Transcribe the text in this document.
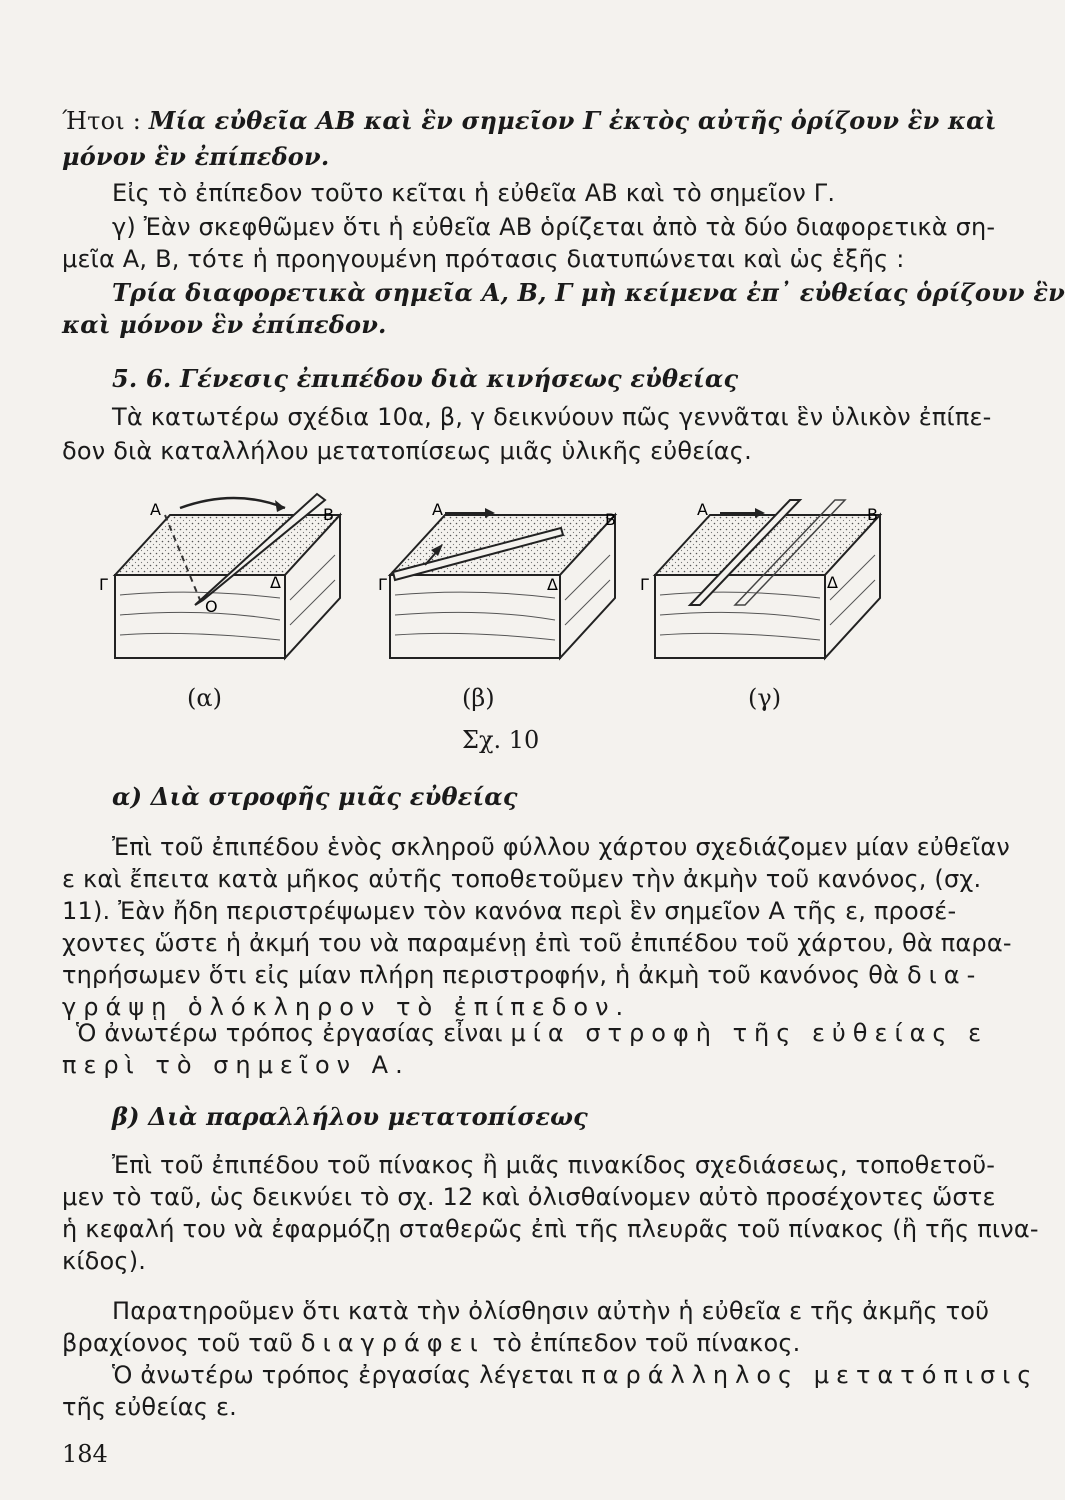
Ήτοι : Μία εὐθεῖα ΑΒ καὶ ἓν σημεῖον Γ ἐκτὸς αὐτῆς ὁρίζουν ἓν καὶ
μόνον ἓν ἐπίπεδον.
Εἰς τὸ ἐπίπεδον τοῦτο κεῖται ἡ εὐθεῖα ΑΒ καὶ τὸ σημεῖον Γ.
γ) Ἐὰν σκεφθῶμεν ὅτι ἡ εὐθεῖα ΑΒ ὁρίζεται ἀπὸ τὰ δύο διαφορετικὰ ση-
μεῖα Α, Β, τότε ἡ προηγουμένη πρότασις διατυπώνεται καὶ ὡς ἑξῆς :
Τρία διαφορετικὰ σημεῖα Α, Β, Γ μὴ κείμενα ἐπ᾽ εὐθείας ὁρίζουν ἓν
καὶ μόνον ἓν ἐπίπεδον.
5. 6. Γένεσις ἐπιπέδου διὰ κινήσεως εὐθείας
Τὰ κατωτέρω σχέδια 10α, β, γ δεικνύουν πῶς γεννᾶται ἓν ὑλικὸν ἐπίπε-
δον διὰ καταλλήλου μετατοπίσεως μιᾶς ὑλικῆς εὐθείας.
Α	Β
Γ	Δ
Ο
Α
Β
Γ	Δ
Α	Β
Γ	Δ
(α)	(β)	(γ)
Σχ. 10
α) Διὰ στροφῆς μιᾶς εὐθείας
Ἐπὶ τοῦ ἐπιπέδου ἑνὸς σκληροῦ φύλλου χάρτου σχεδιάζομεν μίαν εὐθεῖαν
ε καὶ ἔπειτα κατὰ μῆκος αὐτῆς τοποθετοῦμεν τὴν ἀκμὴν τοῦ κανόνος, (σχ.
11). Ἐὰν ἤδη περιστρέψωμεν τὸν κανόνα περὶ ἓν σημεῖον Α τῆς ε, προσέ-
χοντες ὥστε ἡ ἀκμή του νὰ παραμένῃ ἐπὶ τοῦ ἐπιπέδου τοῦ χάρτου, θὰ παρα-
τηρήσωμεν ὅτι εἰς μίαν πλήρη περιστροφήν, ἡ ἀκμὴ τοῦ κανόνος θὰ δια-
γράψῃ ὁλόκληρον τὸ ἐπίπεδον.
Ὁ ἀνωτέρω τρόπος ἐργασίας εἶναι μία στροφὴ τῆς εὐθείας ε
περὶ τὸ σημεῖον Α.
β) Διὰ παραλλήλου μετατοπίσεως
Ἐπὶ τοῦ ἐπιπέδου τοῦ πίνακος ἢ μιᾶς πινακίδος σχεδιάσεως, τοποθετοῦ-
μεν τὸ ταῦ, ὡς δεικνύει τὸ σχ. 12 καὶ ὀλισθαίνομεν αὐτὸ προσέχοντες ὥστε
ἡ κεφαλή του νὰ ἐφαρμόζῃ σταθερῶς ἐπὶ τῆς πλευρᾶς τοῦ πίνακος (ἢ τῆς πινα-
κίδος).
Παρατηροῦμεν ὅτι κατὰ τὴν ὀλίσθησιν αὐτὴν ἡ εὐθεῖα ε τῆς ἀκμῆς τοῦ
βραχίονος τοῦ ταῦ διαγράφει τὸ ἐπίπεδον τοῦ πίνακος.
Ὁ ἀνωτέρω τρόπος ἐργασίας λέγεται παράλληλος μετατόπισις
τῆς εὐθείας ε.
184
